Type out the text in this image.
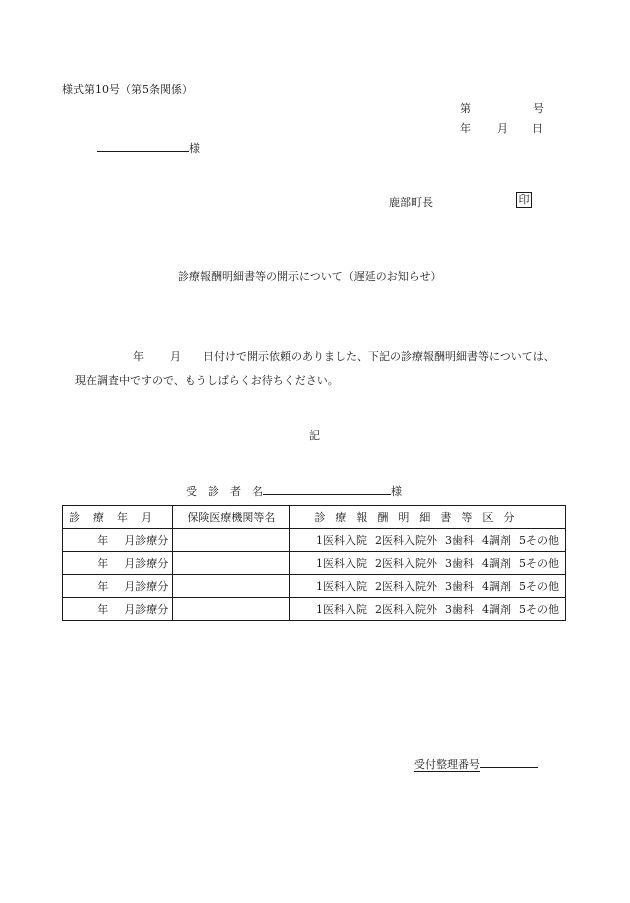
様式第10号（第5条関係）
第	号
年 月 日
様
鹿部町長	印
診療報酬明細書等の開示について（遅延のお知らせ）
年 月 日付けで開示依頼のありました、下記の診療報酬明細書等については、
現在調査中ですので、もうしばらくお待ちください。
記
受　診　者　名	様
診療年月	保険医療機関等名	診療報酬明細書等区分
年 月診療分		1医科入院 2医科入院外 3歯科 4調剤 5その他
年 月診療分		1医科入院 2医科入院外 3歯科 4調剤 5その他
年 月診療分		1医科入院 2医科入院外 3歯科 4調剤 5その他
年 月診療分		1医科入院 2医科入院外 3歯科 4調剤 5その他
受付整理番号
